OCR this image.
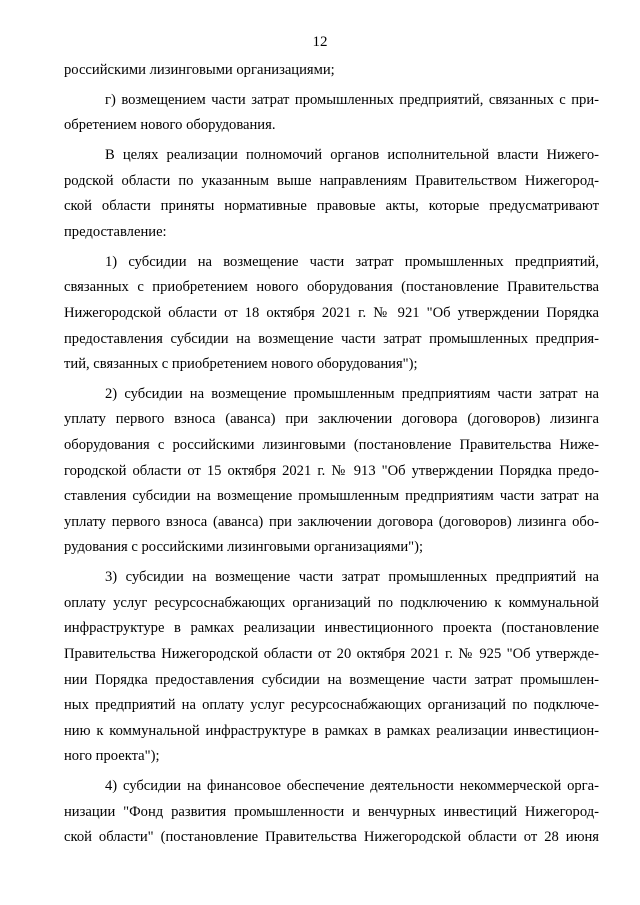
12
российскими лизинговыми организациями;
г) возмещением части затрат промышленных предприятий, связанных с при-
обретением нового оборудования.
В целях реализации полномочий органов исполнительной власти Нижего-
родской области по указанным выше направлениям Правительством Нижегород-
ской области приняты нормативные правовые акты, которые предусматривают
предоставление:
1) субсидии на возмещение части затрат промышленных предприятий,
связанных с приобретением нового оборудования (постановление Правительства
Нижегородской области от 18 октября 2021 г. № 921 "Об утверждении Порядка
предоставления субсидии на возмещение части затрат промышленных предприя-
тий, связанных с приобретением нового оборудования");
2) субсидии на возмещение промышленным предприятиям части затрат на
уплату первого взноса (аванса) при заключении договора (договоров) лизинга
оборудования с российскими лизинговыми (постановление Правительства Ниже-
городской области от 15 октября 2021 г. № 913 "Об утверждении Порядка предо-
ставления субсидии на возмещение промышленным предприятиям части затрат на
уплату первого взноса (аванса) при заключении договора (договоров) лизинга обо-
рудования с российскими лизинговыми организациями");
3) субсидии на возмещение части затрат промышленных предприятий на
оплату услуг ресурсоснабжающих организаций по подключению к коммунальной
инфраструктуре в рамках реализации инвестиционного проекта (постановление
Правительства Нижегородской области от 20 октября 2021 г. № 925 "Об утвержде-
нии Порядка предоставления субсидии на возмещение части затрат промышлен-
ных предприятий на оплату услуг ресурсоснабжающих организаций по подключе-
нию к коммунальной инфраструктуре в рамках в рамках реализации инвестицион-
ного проекта");
4) субсидии на финансовое обеспечение деятельности некоммерческой орга-
низации "Фонд развития промышленности и венчурных инвестиций Нижегород-
ской области" (постановление Правительства Нижегородской области от 28 июня
